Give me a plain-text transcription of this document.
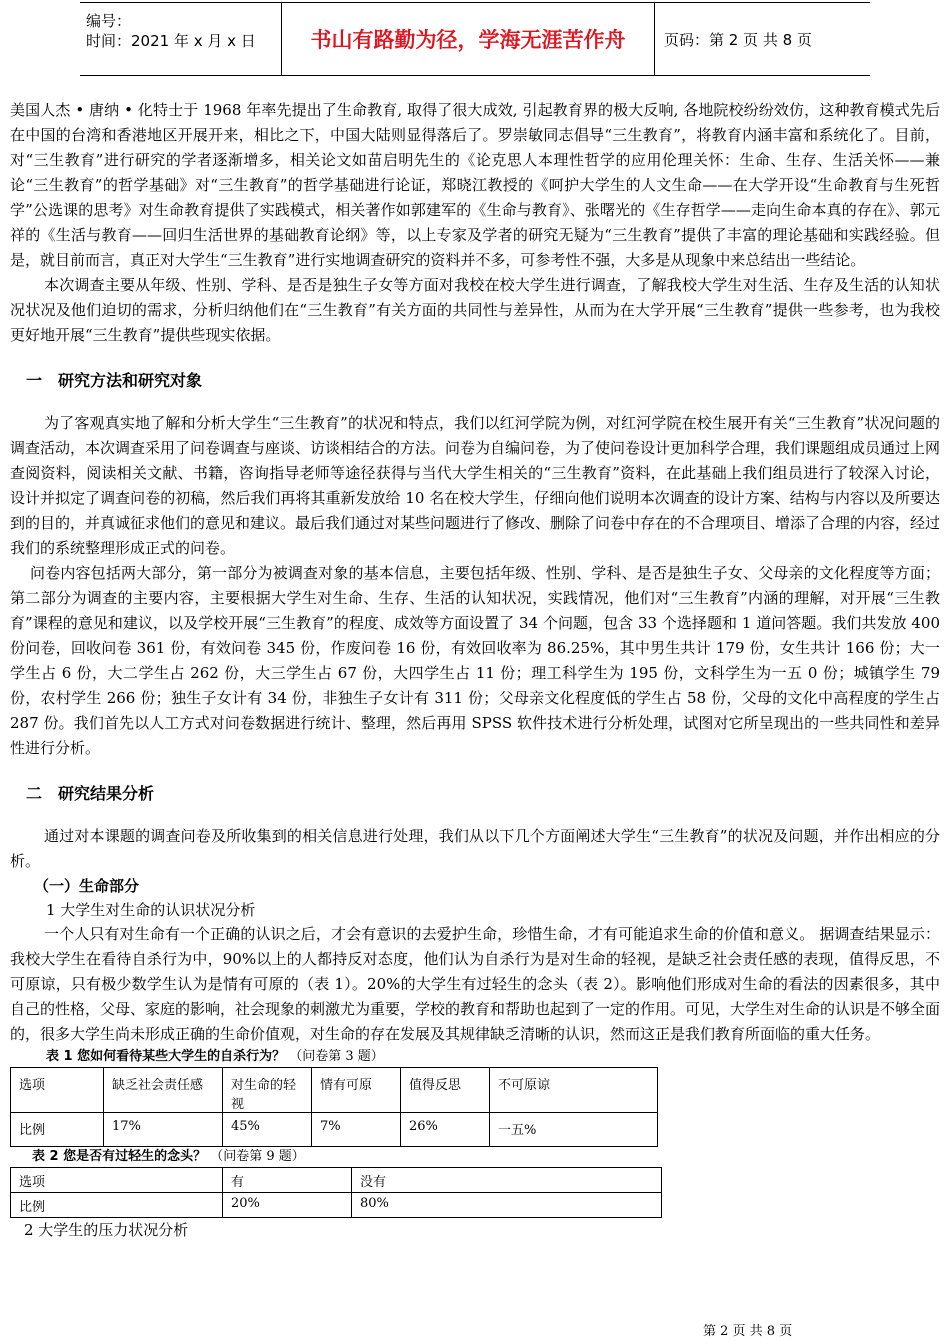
编号：
时间：2021 年 x 月 x 日	书山有路勤为径，学海无涯苦作舟	页码：第 2 页 共 8 页

美国人杰 • 唐纳 • 化特士于 1968 年率先提出了生命教育, 取得了很大成效, 引起教育界的极大反响, 各地院校纷纷效仿，这种教育模式先后在中国的台湾和香港地区开展开来，相比之下，中国大陆则显得落后了。罗崇敏同志倡导“三生教育”，将教育内涵丰富和系统化了。目前，对“三生教育”进行研究的学者逐渐增多，相关论文如苗启明先生的《论克思人本理性哲学的应用伦理关怀：生命、生存、生活关怀——兼论“三生教育”的哲学基础》对“三生教育”的哲学基础进行论证，郑晓江教授的《呵护大学生的人文生命——在大学开设“生命教育与生死哲学”公选课的思考》对生命教育提供了实践模式，相关著作如郭建军的《生命与教育》、张曙光的《生存哲学——走向生命本真的存在》、郭元祥的《生活与教育——回归生活世界的基础教育论纲》等，以上专家及学者的研究无疑为“三生教育”提供了丰富的理论基础和实践经验。但是，就目前而言，真正对大学生“三生教育”进行实地调查研究的资料并不多，可参考性不强，大多是从现象中来总结出一些结论。

本次调查主要从年级、性别、学科、是否是独生子女等方面对我校在校大学生进行调查，了解我校大学生对生活、生存及生活的认知状况状况及他们迫切的需求，分析归纳他们在“三生教育”有关方面的共同性与差异性，从而为在大学开展“三生教育”提供一些参考，也为我校更好地开展“三生教育”提供些现实依据。

一　研究方法和研究对象

为了客观真实地了解和分析大学生“三生教育”的状况和特点，我们以红河学院为例，对红河学院在校生展开有关“三生教育”状况问题的调查活动，本次调查采用了问卷调查与座谈、访谈相结合的方法。问卷为自编问卷，为了使问卷设计更加科学合理，我们课题组成员通过上网查阅资料，阅读相关文献、书籍，咨询指导老师等途径获得与当代大学生相关的“三生教育”资料，在此基础上我们组员进行了较深入讨论，设计并拟定了调查问卷的初稿，然后我们再将其重新发放给 10 名在校大学生，仔细向他们说明本次调查的设计方案、结构与内容以及所要达到的目的，并真诚征求他们的意见和建议。最后我们通过对某些问题进行了修改、删除了问卷中存在的不合理项目、增添了合理的内容，经过我们的系统整理形成正式的问卷。

问卷内容包括两大部分，第一部分为被调查对象的基本信息，主要包括年级、性别、学科、是否是独生子女、父母亲的文化程度等方面；第二部分为调查的主要内容，主要根据大学生对生命、生存、生活的认知状况，实践情况，他们对“三生教育”内涵的理解，对开展“三生教育”课程的意见和建议，以及学校开展“三生教育”的程度、成效等方面设置了 34 个问题，包含 33 个选择题和 1 道问答题。我们共发放 400 份问卷，回收问卷 361 份，有效问卷 345 份，作废问卷 16 份，有效回收率为 86.25%，其中男生共计 179 份，女生共计 166 份；大一学生占 6 份，大二学生占 262 份，大三学生占 67 份，大四学生占 11 份；理工科学生为 195 份，文科学生为一五 0 份；城镇学生 79 份，农村学生 266 份；独生子女计有 34 份，非独生子女计有 311 份；父母亲文化程度低的学生占 58 份，父母的文化中高程度的学生占 287 份。我们首先以人工方式对问卷数据进行统计、整理，然后再用 SPSS 软件技术进行分析处理，试图对它所呈现出的一些共同性和差异性进行分析。

二　研究结果分析

通过对本课题的调查问卷及所收集到的相关信息进行处理，我们从以下几个方面阐述大学生“三生教育”的状况及问题，并作出相应的分析。

（一）生命部分
1 大学生对生命的认识状况分析

一个人只有对生命有一个正确的认识之后，才会有意识的去爱护生命，珍惜生命，才有可能追求生命的价值和意义。 据调查结果显示：我校大学生在看待自杀行为中，90%以上的人都持反对态度，他们认为自杀行为是对生命的轻视，是缺乏社会责任感的表现，值得反思，不可原谅，只有极少数学生认为是情有可原的（表 1）。20%的大学生有过轻生的念头（表 2）。影响他们形成对生命的看法的因素很多，其中自己的性格，父母、家庭的影响，社会现象的刺激尤为重要，学校的教育和帮助也起到了一定的作用。可见，大学生对生命的认识是不够全面的，很多大学生尚未形成正确的生命价值观，对生命的存在发展及其规律缺乏清晰的认识，然而这正是我们教育所面临的重大任务。

表 1 您如何看待某些大学生的自杀行为？ （问卷第 3 题）
选项	缺乏社会责任感	对生命的轻视	情有可原	值得反思	不可原谅
比例	17%	45%	7%	26%	一五%
表 2 您是否有过轻生的念头？ （问卷第 9 题）
选项	有	没有
比例	20%	80%
2 大学生的压力状况分析
第 2 页 共 8 页
